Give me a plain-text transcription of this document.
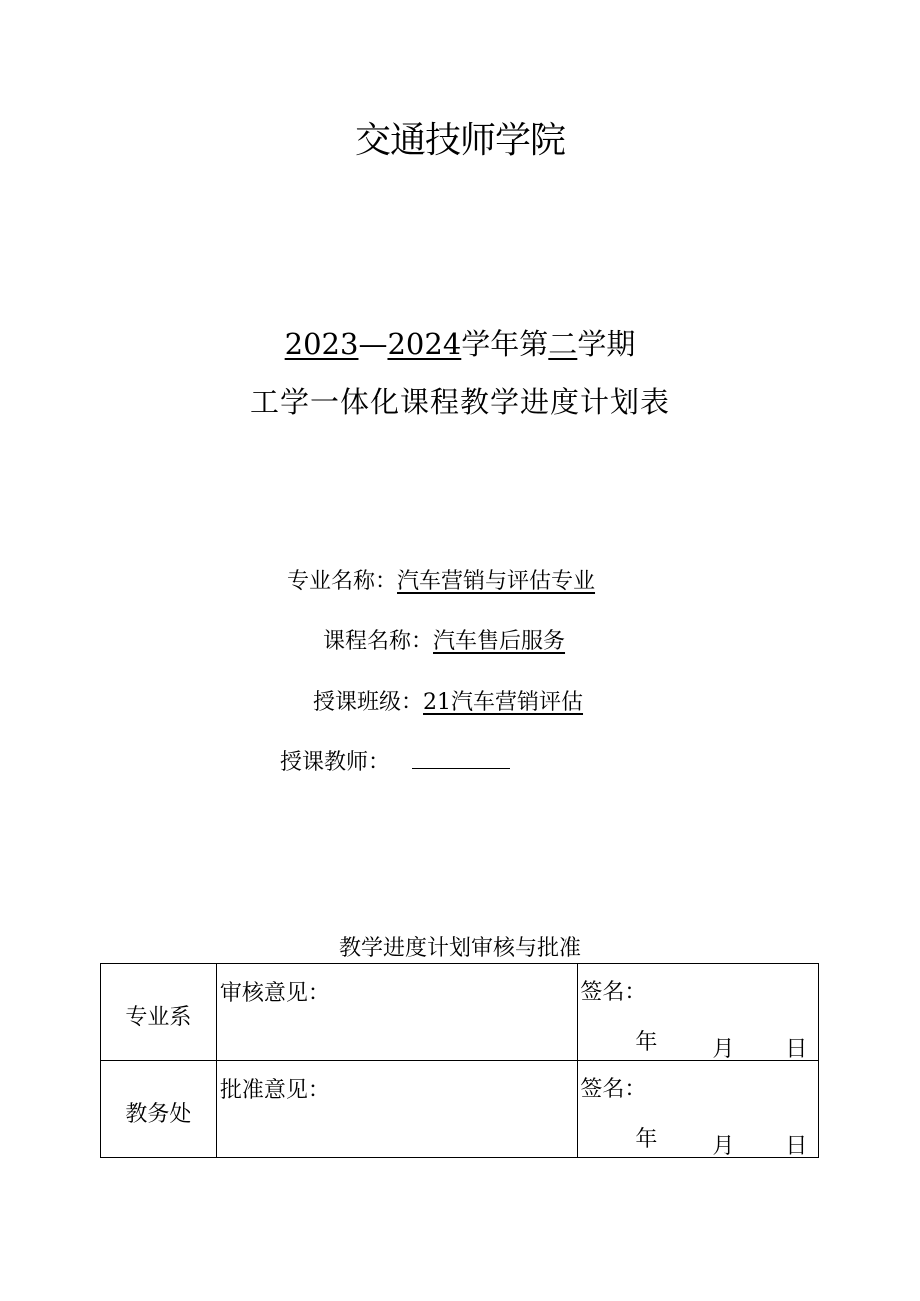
交通技师学院
2023—2024学年第二学期
工学一体化课程教学进度计划表
专业名称：汽车营销与评估专业
课程名称：汽车售后服务
授课班级：21汽车营销评估
授课教师：
教学进度计划审核与批准
专业系	审核意见：	签名：
年 月 日

教务处	批准意见：	签名：
年 月 日
